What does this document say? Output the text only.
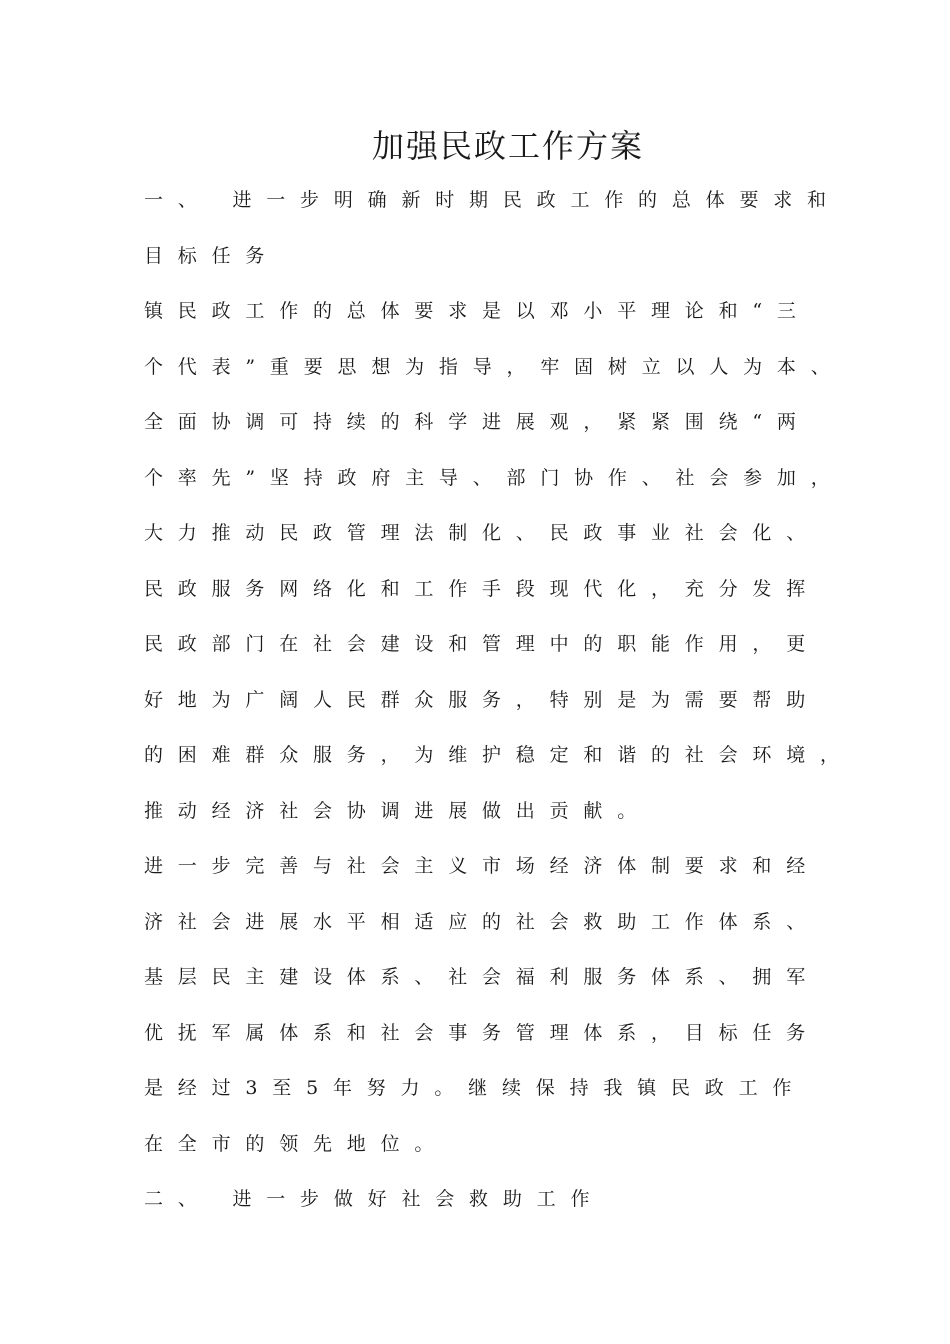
加强民政工作方案
一、 进一步明确新时期民政工作的总体要求和
目标任务
镇民政工作的总体要求是以邓小平理论和“三
个代表”重要思想为指导，牢固树立以人为本、
全面协调可持续的科学进展观，紧紧围绕“两
个率先”坚持政府主导、部门协作、社会参加，
大力推动民政管理法制化、民政事业社会化、
民政服务网络化和工作手段现代化，充分发挥
民政部门在社会建设和管理中的职能作用，更
好地为广阔人民群众服务，特别是为需要帮助
的困难群众服务，为维护稳定和谐的社会环境，
推动经济社会协调进展做出贡献。
进一步完善与社会主义市场经济体制要求和经
济社会进展水平相适应的社会救助工作体系、
基层民主建设体系、社会福利服务体系、拥军
优抚军属体系和社会事务管理体系，目标任务
是经过3至5年努力。继续保持我镇民政工作
在全市的领先地位。
二、 进一步做好社会救助工作
